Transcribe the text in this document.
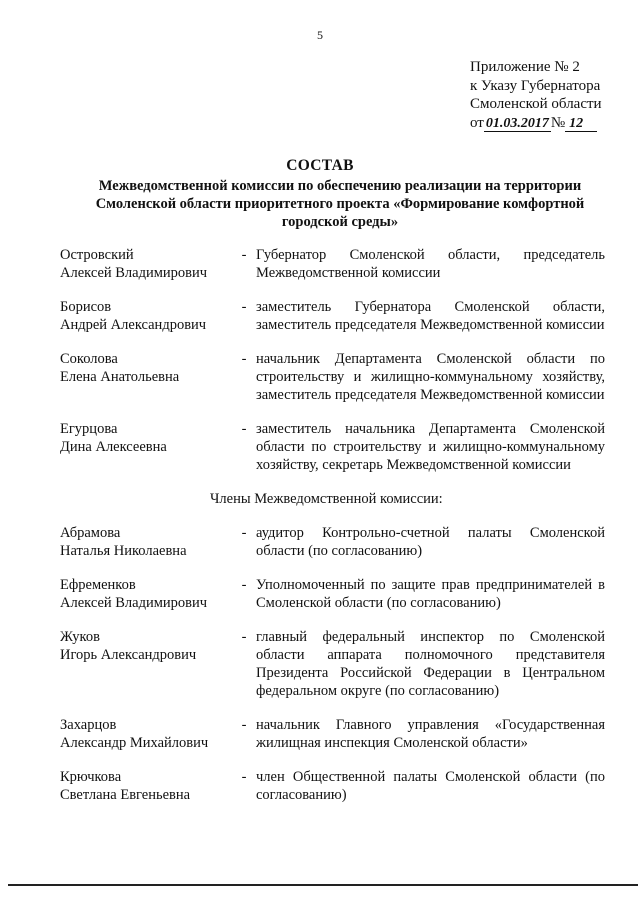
5
Приложение № 2
к Указу Губернатора
Смоленской области
от 01.03.2017 № 12
СОСТАВ
Межведомственной комиссии по обеспечению реализации на территории Смоленской области приоритетного проекта «Формирование комфортной городской среды»
Островский
Алексей Владимирович
- Губернатор Смоленской области, председатель Межведомственной комиссии
Борисов
Андрей Александрович
- заместитель Губернатора Смоленской области, заместитель председателя Межведомственной комиссии
Соколова
Елена Анатольевна
- начальник Департамента Смоленской области по строительству и жилищно-коммунальному хозяйству, заместитель председателя Межведомственной комиссии
Егурцова
Дина Алексеевна
- заместитель начальника Департамента Смоленской области по строительству и жилищно-коммунальному хозяйству, секретарь Межведомственной комиссии
Члены Межведомственной комиссии:
Абрамова
Наталья Николаевна
- аудитор Контрольно-счетной палаты Смоленской области (по согласованию)
Ефременков
Алексей Владимирович
- Уполномоченный по защите прав предпринимателей в Смоленской области (по согласованию)
Жуков
Игорь Александрович
- главный федеральный инспектор по Смоленской области аппарата полномочного представителя Президента Российской Федерации в Центральном федеральном округе (по согласованию)
Захарцов
Александр Михайлович
- начальник Главного управления «Государственная жилищная инспекция Смоленской области»
Крючкова
Светлана Евгеньевна
- член Общественной палаты Смоленской области (по согласованию)
